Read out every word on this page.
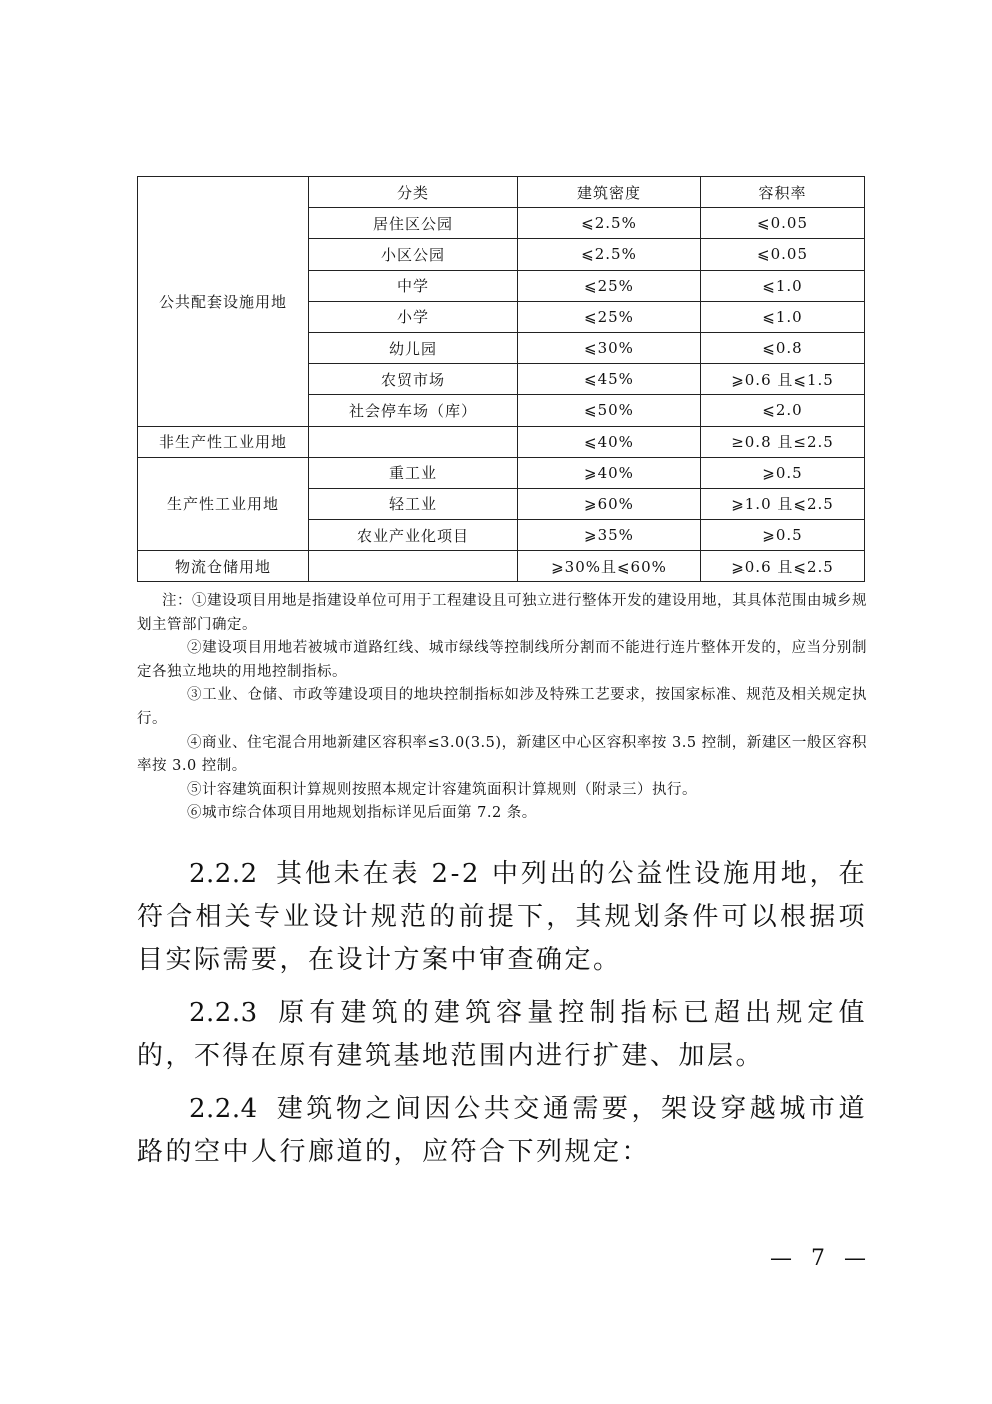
公共配套设施用地	分类	建筑密度	容积率
	居住区公园	⩽2.5%	⩽0.05
	小区公园	⩽2.5%	⩽0.05
	中学	⩽25%	⩽1.0
	小学	⩽25%	⩽1.0
	幼儿园	⩽30%	⩽0.8
	农贸市场	⩽45%	⩾0.6 且⩽1.5
	社会停车场（库）	⩽50%	⩽2.0
非生产性工业用地		⩽40%	≥0.8 且≤2.5
生产性工业用地	重工业	⩾40%	⩾0.5
	轻工业	⩾60%	⩾1.0 且⩽2.5
	农业产业化项目	⩾35%	⩾0.5
物流仓储用地		⩾30%且⩽60%	⩾0.6 且⩽2.5

注：①建设项目用地是指建设单位可用于工程建设且可独立进行整体开发的建设用地，其具体范围由城乡规划主管部门确定。

②建设项目用地若被城市道路红线、城市绿线等控制线所分割而不能进行连片整体开发的，应当分别制定各独立地块的用地控制指标。

③工业、仓储、市政等建设项目的地块控制指标如涉及特殊工艺要求，按国家标准、规范及相关规定执行。

④商业、住宅混合用地新建区容积率≤3.0(3.5)，新建区中心区容积率按 3.5 控制，新建区一般区容积率按 3.0 控制。

⑤计容建筑面积计算规则按照本规定计容建筑面积计算规则（附录三）执行。

⑥城市综合体项目用地规划指标详见后面第 7.2 条。

2.2.2 其他未在表 2-2 中列出的公益性设施用地，在符合相关专业设计规范的前提下，其规划条件可以根据项目实际需要，在设计方案中审查确定。

2.2.3 原有建筑的建筑容量控制指标已超出规定值的，不得在原有建筑基地范围内进行扩建、加层。

2.2.4 建筑物之间因公共交通需要，架设穿越城市道路的空中人行廊道的，应符合下列规定：

— 7 —
